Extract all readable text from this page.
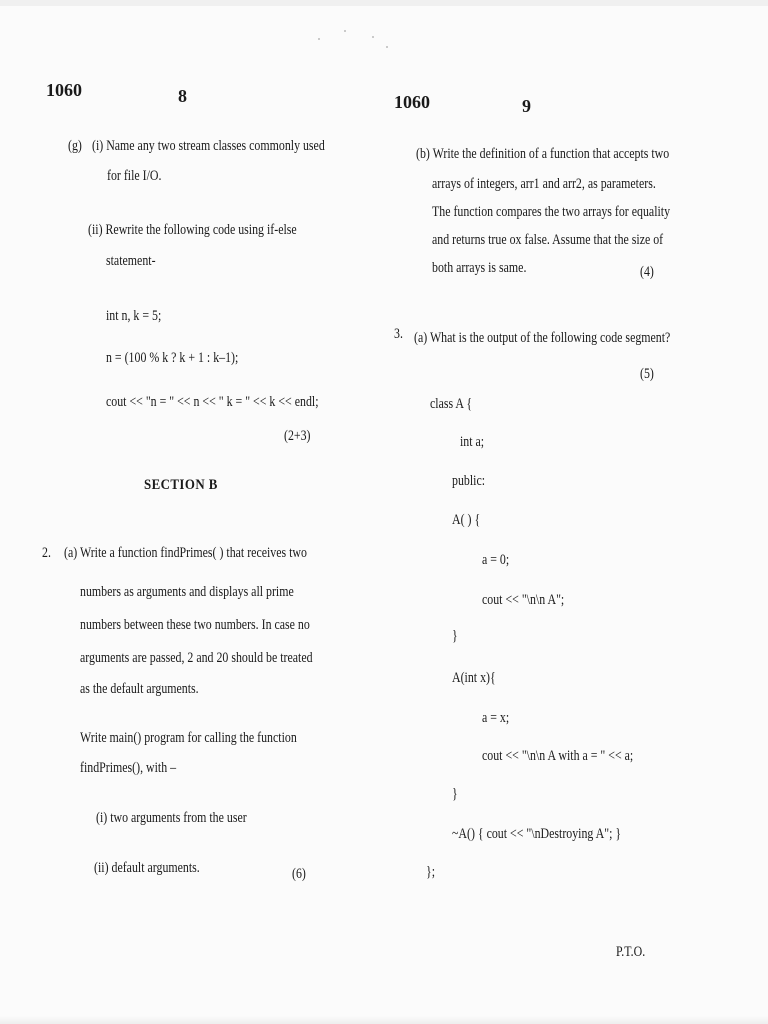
1060	8
(g) (i) Name any two stream classes commonly used
for file I/O.
(ii) Rewrite the following code using if-else
statement-
int n, k = 5;
n = (100 % k ? k + 1 : k–1);
cout << "n = " << n << " k = " << k << endl;
(2+3)
SECTION B
2. (a) Write a function findPrimes( ) that receives two
numbers as arguments and displays all prime
numbers between these two numbers. In case no
arguments are passed, 2 and 20 should be treated
as the default arguments.
Write main() program for calling the function
findPrimes(), with –
(i) two arguments from the user
(ii) default arguments.	(6)
1060	9
(b) Write the definition of a function that accepts two
arrays of integers, arr1 and arr2, as parameters.
The function compares the two arrays for equality
and returns true ox false. Assume that the size of
both arrays is same.	(4)
3. (a) What is the output of the following code segment?
(5)
class A {
int a;
public:
A( ) {
a = 0;
cout << "\n\n A";
}
A(int x){
a = x;
cout << "\n\n A with a = " << a;
}
~A() { cout << "\nDestroying A"; }
};
P.T.O.
